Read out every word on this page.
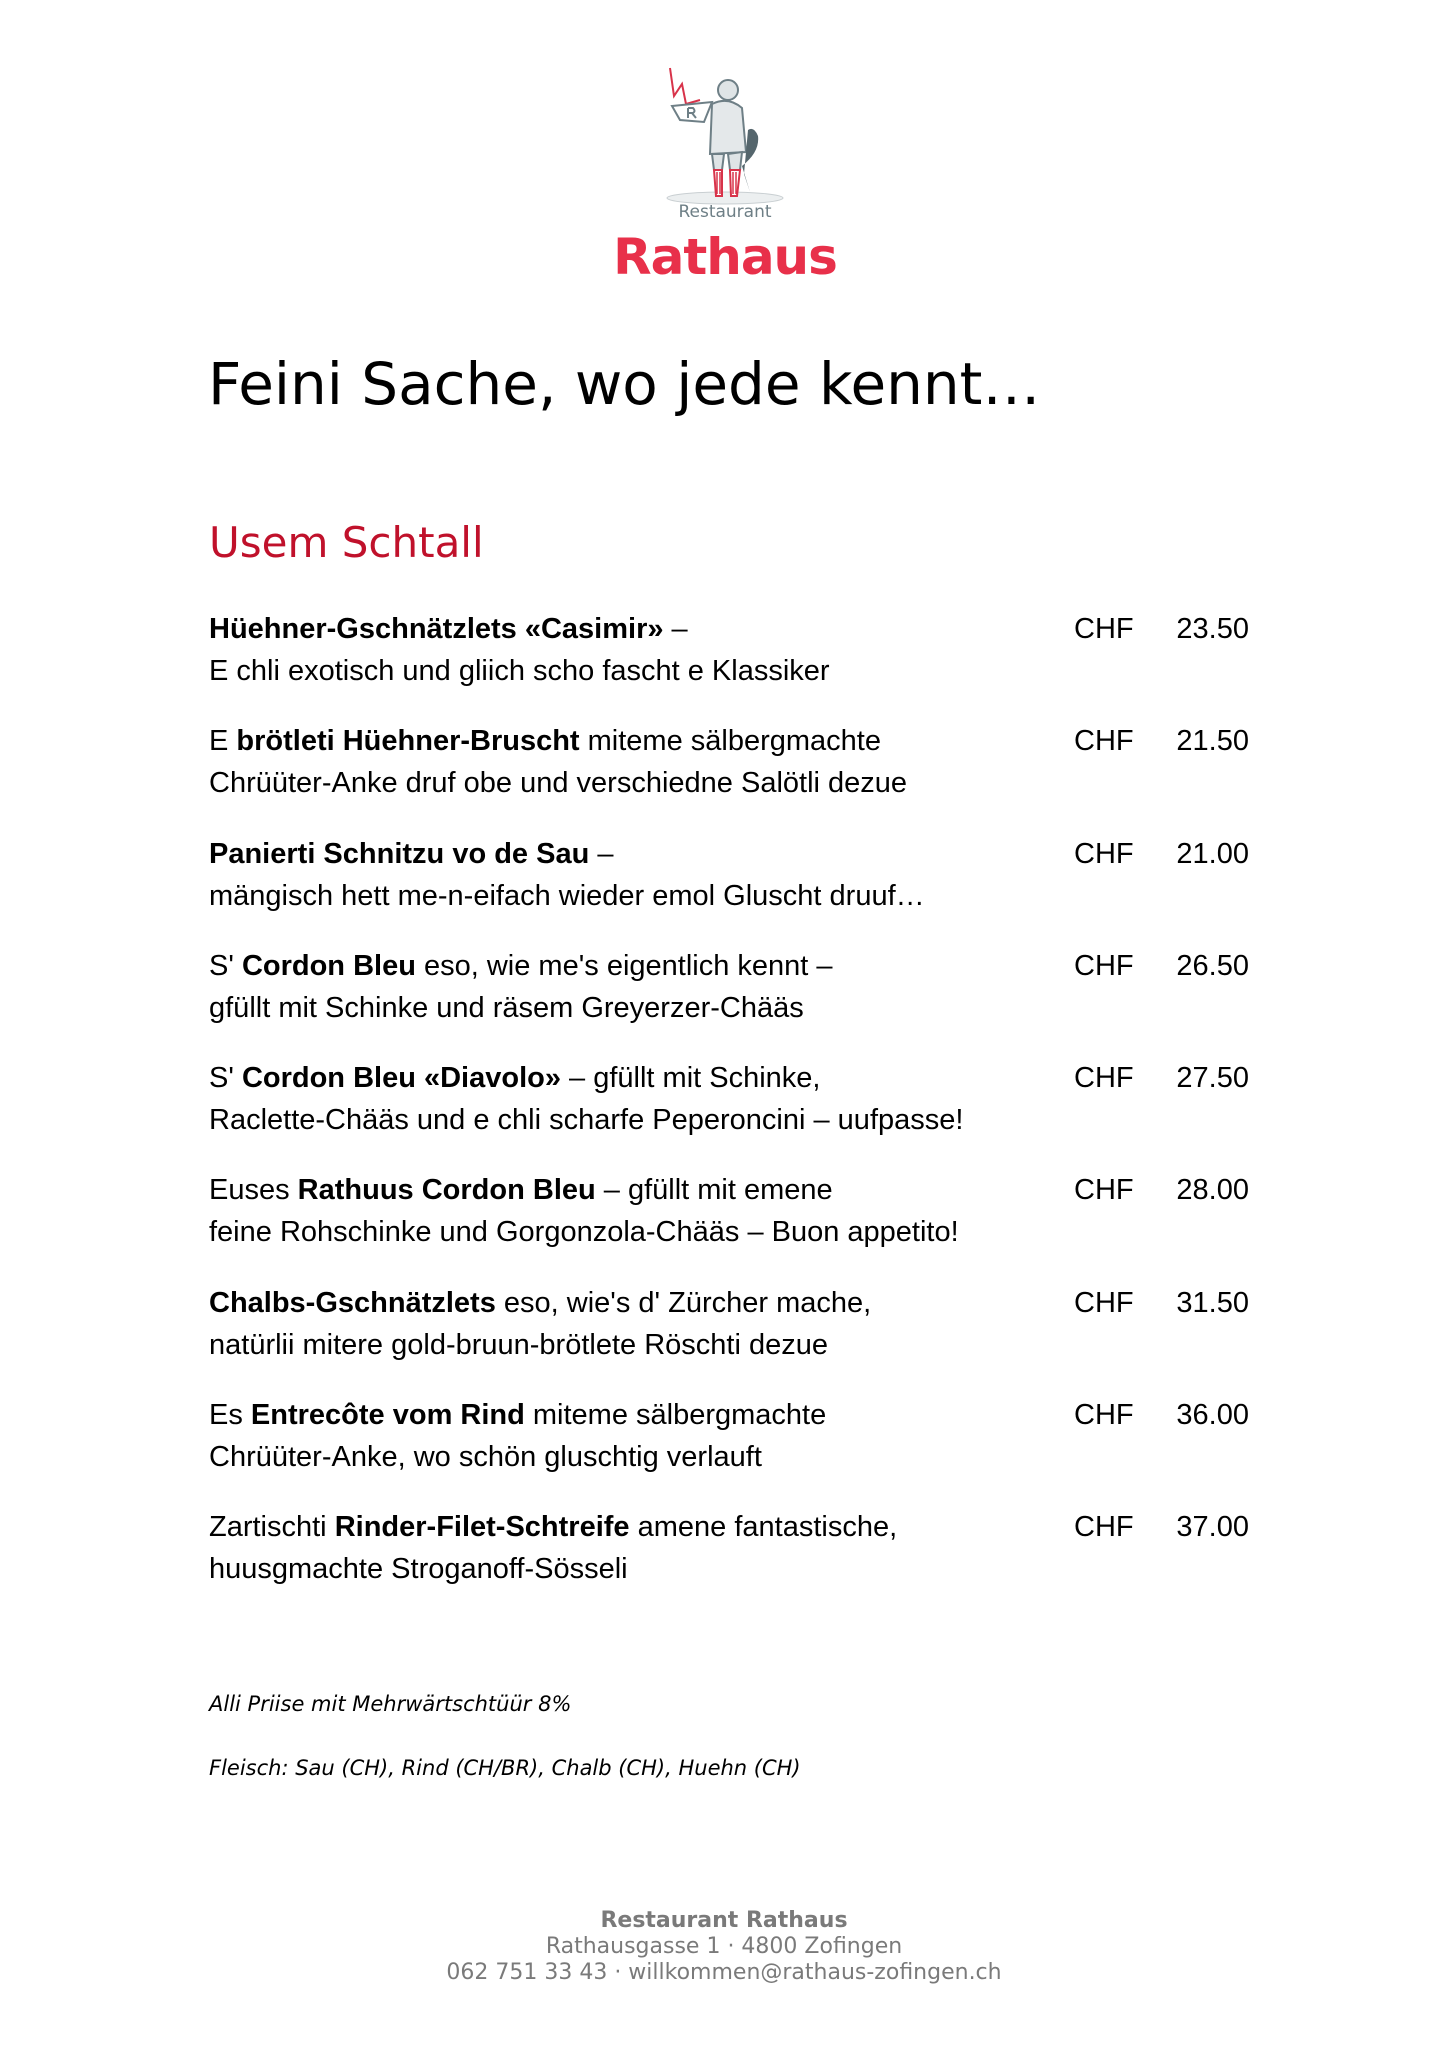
Restaurant
Rathaus
Feini Sache, wo jede kennt…
Usem Schtall
Hüehner-Gschnätzlets «Casimir» –
E chli exotisch und gliich scho fascht e Klassiker
CHF 23.50
E brötleti Hüehner-Bruscht miteme sälbergmachte
Chrüüter-Anke druf obe und verschiedne Salötli dezue
CHF 21.50
Panierti Schnitzu vo de Sau –
mängisch hett me-n-eifach wieder emol Gluscht druuf…
CHF 21.00
S' Cordon Bleu eso, wie me's eigentlich kennt –
gfüllt mit Schinke und räsem Greyerzer-Chääs
CHF 26.50
S' Cordon Bleu «Diavolo» – gfüllt mit Schinke,
Raclette-Chääs und e chli scharfe Peperoncini – uufpasse!
CHF 27.50
Euses Rathuus Cordon Bleu – gfüllt mit emene
feine Rohschinke und Gorgonzola-Chääs – Buon appetito!
CHF 28.00
Chalbs-Gschnätzlets eso, wie's d' Zürcher mache,
natürlii mitere gold-bruun-brötlete Röschti dezue
CHF 31.50
Es Entrecôte vom Rind miteme sälbergmachte
Chrüüter-Anke, wo schön gluschtig verlauft
CHF 36.00
Zartischti Rinder-Filet-Schtreife amene fantastische,
huusgmachte Stroganoff-Sösseli
CHF 37.00
Alli Priise mit Mehrwärtschtüür 8%
Fleisch: Sau (CH), Rind (CH/BR), Chalb (CH), Huehn (CH)
Restaurant Rathaus
Rathausgasse 1 · 4800 Zofingen
062 751 33 43 · willkommen@rathaus-zofingen.ch
